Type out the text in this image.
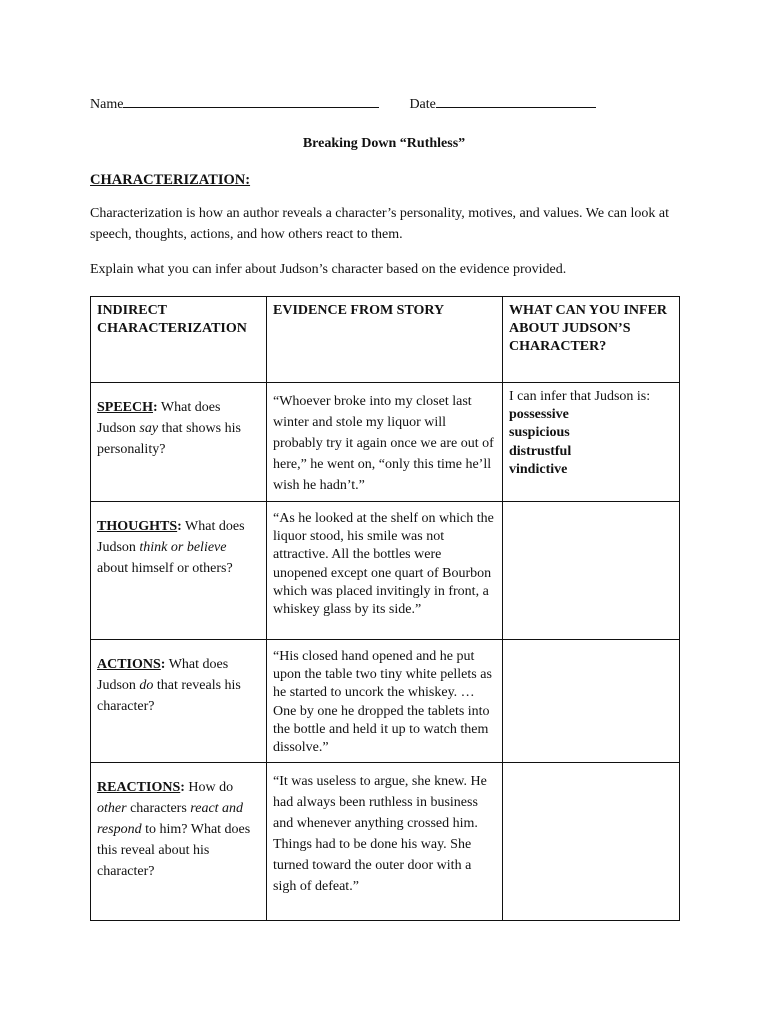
Name	Date
Breaking Down “Ruthless”
CHARACTERIZATION:

Characterization is how an author reveals a character’s personality, motives, and values. We can look at speech, thoughts, actions, and how others react to them.

Explain what you can infer about Judson’s character based on the evidence provided.

INDIRECT CHARACTERIZATION	EVIDENCE FROM STORY	WHAT CAN YOU INFER ABOUT JUDSON’S CHARACTER?
SPEECH: What does Judson say that shows his personality?	“Whoever broke into my closet last winter and stole my liquor will probably try it again once we are out of here,” he went on, “only this time he’ll wish he hadn’t.”	I can infer that Judson is:
possessive
suspicious
distrustful
vindictive

THOUGHTS: What does Judson think or believe about himself or others?	“As he looked at the shelf on which the liquor stood, his smile was not attractive. All the bottles were unopened except one quart of Bourbon which was placed invitingly in front, a whiskey glass by its side.”	
ACTIONS: What does Judson do that reveals his character?	“His closed hand opened and he put upon the table two tiny white pellets as he started to uncork the whiskey. … One by one he dropped the tablets into the bottle and held it up to watch them dissolve.”	
REACTIONS: How do other characters react and respond to him? What does this reveal about his character?	“It was useless to argue, she knew. He had always been ruthless in business and whenever anything crossed him. Things had to be done his way. She turned toward the outer door with a sigh of defeat.”	
